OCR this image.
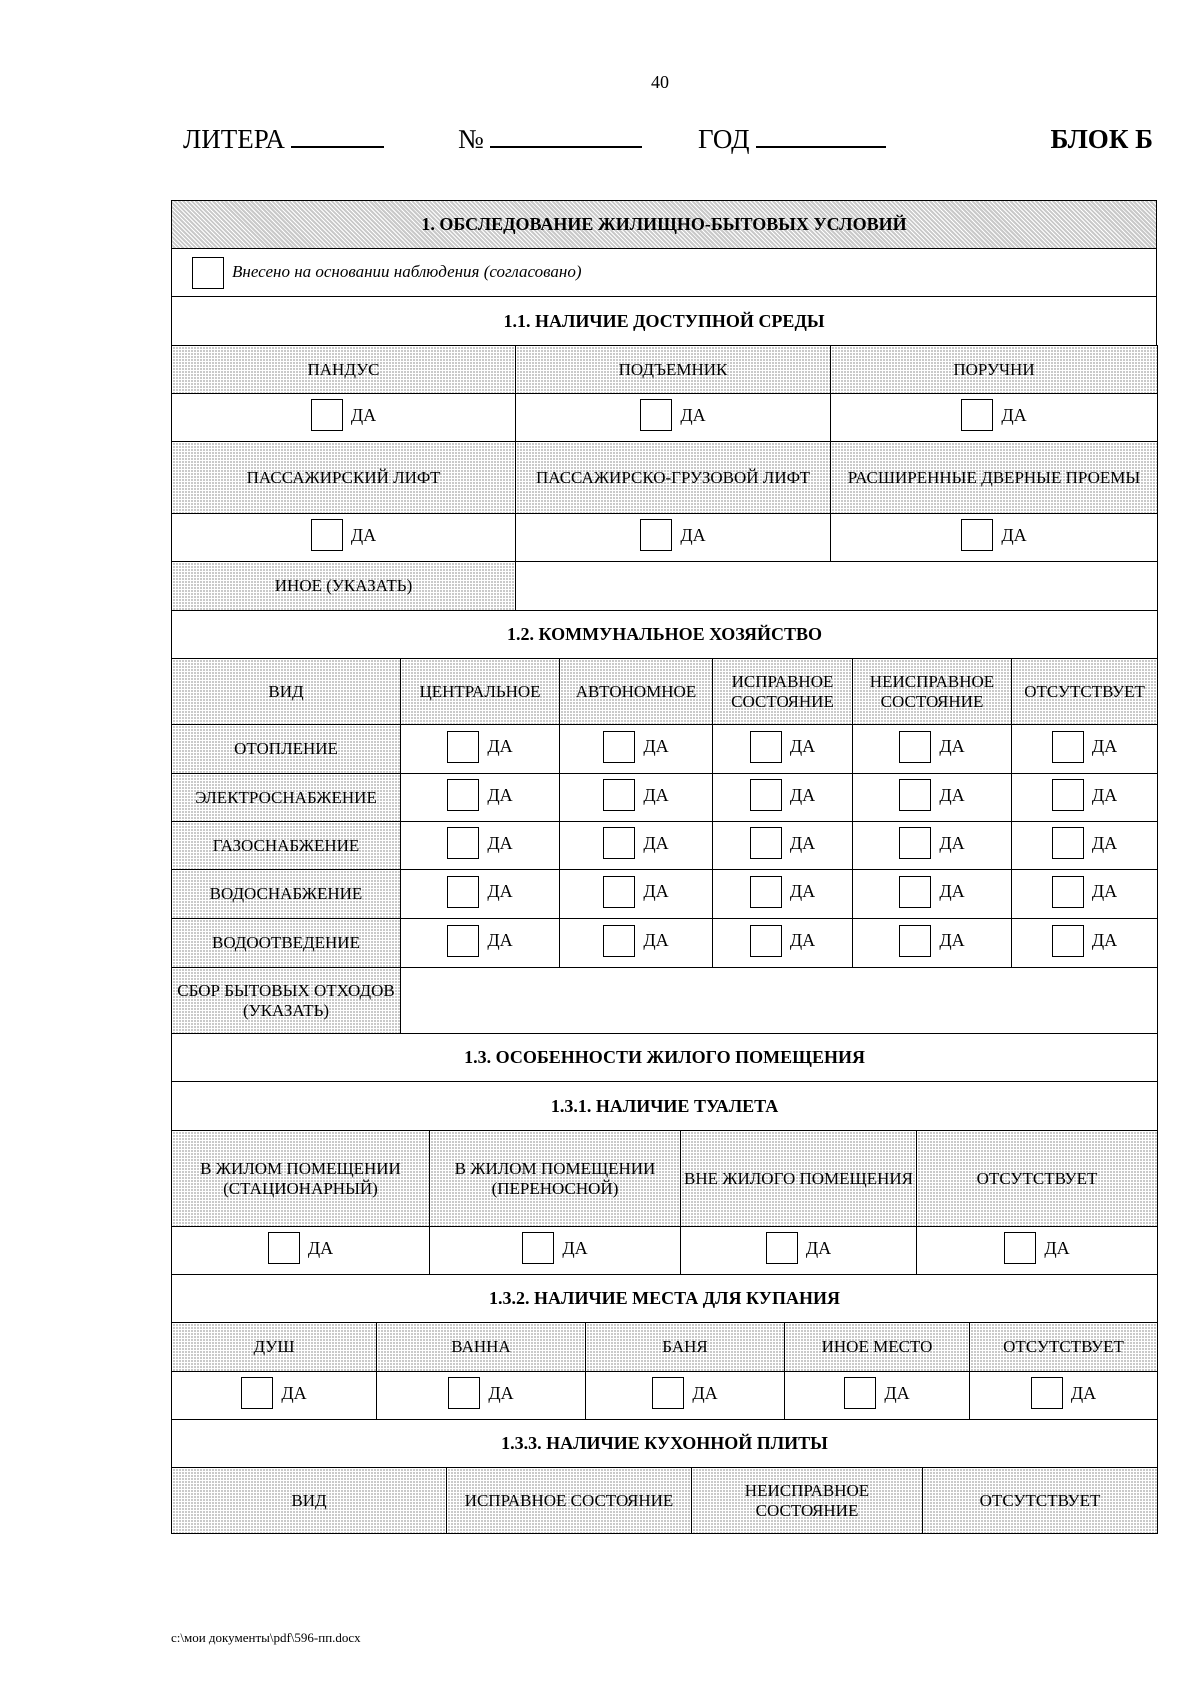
40
ЛИТЕРА	№	ГОД	БЛОК Б
1. ОБСЛЕДОВАНИЕ ЖИЛИЩНО-БЫТОВЫХ УСЛОВИЙ
Внесено на основании наблюдения (согласовано)
1.1. НАЛИЧИЕ ДОСТУПНОЙ СРЕДЫ
ПАНДУС	ПОДЪЕМНИК	ПОРУЧНИ

ДА	ДА	ДА

ПАССАЖИРСКИЙ ЛИФТ	ПАССАЖИРСКО-ГРУЗОВОЙ ЛИФТ	РАСШИРЕННЫЕ ДВЕРНЫЕ ПРОЕМЫ

ДА	ДА	ДА

ИНОЕ (УКАЗАТЬ)		
1.2. КОММУНАЛЬНОЕ ХОЗЯЙСТВО					
ВИД	ЦЕНТРАЛЬНОЕ	АВТОНОМНОЕ	ИСПРАВНОЕ СОСТОЯНИЕ	НЕИСПРАВНОЕ СОСТОЯНИЕ	ОТСУТСТВУЕТ
ОТОПЛЕНИЕ	ДА	ДА	ДА	ДА	ДА

ЭЛЕКТРОСНАБЖЕНИЕ	ДА	ДА	ДА	ДА	ДА

ГАЗОСНАБЖЕНИЕ	ДА	ДА	ДА	ДА	ДА

ВОДОСНАБЖЕНИЕ	ДА	ДА	ДА	ДА	ДА

ВОДООТВЕДЕНИЕ	ДА	ДА	ДА	ДА	ДА

СБОР БЫТОВЫХ ОТХОДОВ (УКАЗАТЬ)					
1.3. ОСОБЕННОСТИ ЖИЛОГО ПОМЕЩЕНИЯ					
1.3.1. НАЛИЧИЕ ТУАЛЕТА					
В ЖИЛОМ ПОМЕЩЕНИИ (СТАЦИОНАРНЫЙ)	В ЖИЛОМ ПОМЕЩЕНИИ (ПЕРЕНОСНОЙ)	ВНЕ ЖИЛОГО ПОМЕЩЕНИЯ	ОТСУТСТВУЕТ

ДА	ДА	ДА	ДА

1.3.2. НАЛИЧИЕ МЕСТА ДЛЯ КУПАНИЯ			
ДУШ	ВАННА	БАНЯ	ИНОЕ МЕСТО	ОТСУТСТВУЕТ

ДА	ДА	ДА	ДА	ДА

1.3.3. НАЛИЧИЕ КУХОННОЙ ПЛИТЫ				
ВИД	ИСПРАВНОЕ СОСТОЯНИЕ	НЕИСПРАВНОЕ СОСТОЯНИЕ	ОТСУТСТВУЕТ
c:\мои документы\pdf\596-пп.docx
